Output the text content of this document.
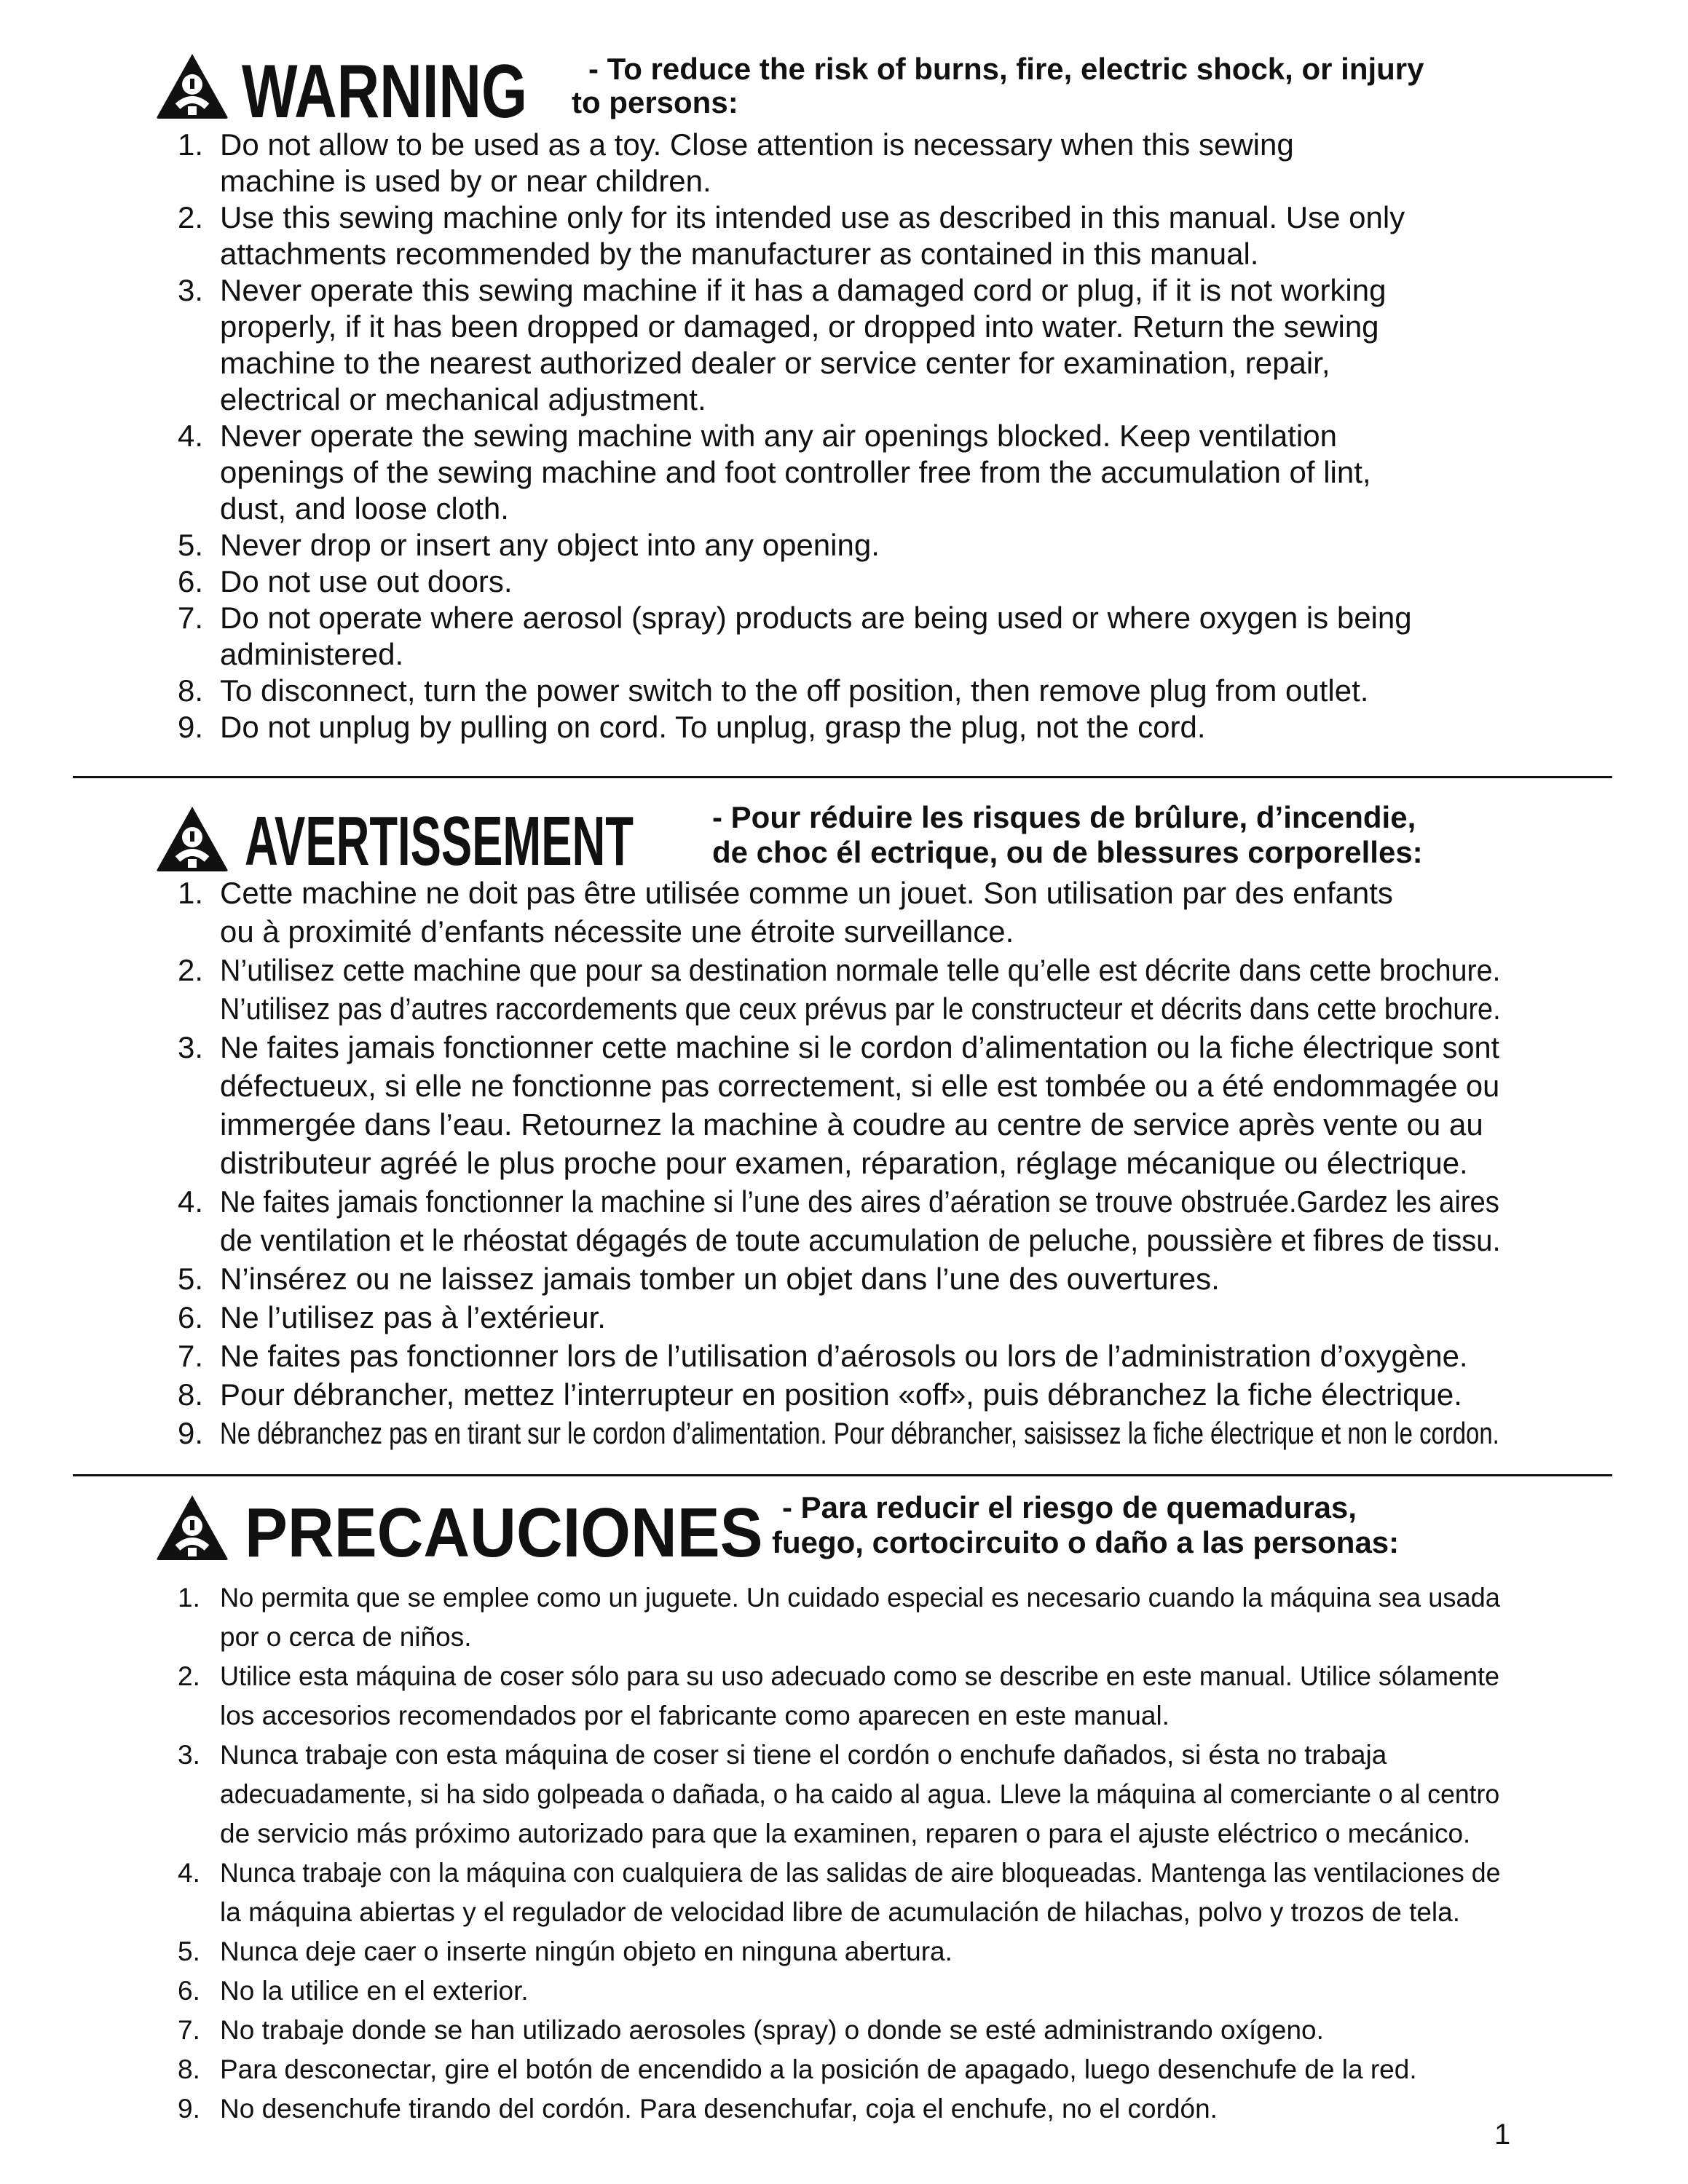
WARNING - To reduce the risk of burns, fire, electric shock, or injury
to persons:
1. Do not allow to be used as a toy. Close attention is necessary when this sewing
machine is used by or near children.
2. Use this sewing machine only for its intended use as described in this manual. Use only
attachments recommended by the manufacturer as contained in this manual.
3. Never operate this sewing machine if it has a damaged cord or plug, if it is not working
properly, if it has been dropped or damaged, or dropped into water. Return the sewing
machine to the nearest authorized dealer or service center for examination, repair,
electrical or mechanical adjustment.
4. Never operate the sewing machine with any air openings blocked. Keep ventilation
openings of the sewing machine and foot controller free from the accumulation of lint,
dust, and loose cloth.
5. Never drop or insert any object into any opening.
6. Do not use out doors.
7. Do not operate where aerosol (spray) products are being used or where oxygen is being
administered.
8. To disconnect, turn the power switch to the off position, then remove plug from outlet.
9. Do not unplug by pulling on cord. To unplug, grasp the plug, not the cord.
AVERTISSEMENT	- Pour réduire les risques de brûlure, d’incendie,
de choc él ectrique, ou de blessures corporelles:
1. Cette machine ne doit pas être utilisée comme un jouet. Son utilisation par des enfants
ou à proximité d’enfants nécessite une étroite surveillance.
2. N’utilisez cette machine que pour sa destination normale telle qu’elle est décrite dans cette brochure.
N’utilisez pas d’autres raccordements que ceux prévus par le constructeur et décrits dans cette brochure.
3. Ne faites jamais fonctionner cette machine si le cordon d’alimentation ou la fiche électrique sont
défectueux, si elle ne fonctionne pas correctement, si elle est tombée ou a été endommagée ou
immergée dans l’eau. Retournez la machine à coudre au centre de service après vente ou au
distributeur agréé le plus proche pour examen, réparation, réglage mécanique ou électrique.
4. Ne faites jamais fonctionner la machine si l’une des aires d’aération se trouve obstruée.Gardez les aires
de ventilation et le rhéostat dégagés de toute accumulation de peluche, poussière et fibres de tissu.
5. N’insérez ou ne laissez jamais tomber un objet dans l’une des ouvertures.
6. Ne l’utilisez pas à l’extérieur.
7. Ne faites pas fonctionner lors de l’utilisation d’aérosols ou lors de l’administration d’oxygène.
8. Pour débrancher, mettez l’interrupteur en position «off», puis débranchez la fiche électrique.
9. Ne débranchez pas en tirant sur le cordon d’alimentation. Pour débrancher, saisissez la fiche électrique et non le cordon.
PRECAUCIONES - Para reducir el riesgo de quemaduras,
fuego, cortocircuito o daño a las personas:
1. No permita que se emplee como un juguete. Un cuidado especial es necesario cuando la máquina sea usada
por o cerca de niños.
2. Utilice esta máquina de coser sólo para su uso adecuado como se describe en este manual. Utilice sólamente
los accesorios recomendados por el fabricante como aparecen en este manual.
3. Nunca trabaje con esta máquina de coser si tiene el cordón o enchufe dañados, si ésta no trabaja
adecuadamente, si ha sido golpeada o dañada, o ha caido al agua. Lleve la máquina al comerciante o al centro
de servicio más próximo autorizado para que la examinen, reparen o para el ajuste eléctrico o mecánico.
4. Nunca trabaje con la máquina con cualquiera de las salidas de aire bloqueadas. Mantenga las ventilaciones de
la máquina abiertas y el regulador de velocidad libre de acumulación de hilachas, polvo y trozos de tela.
5. Nunca deje caer o inserte ningún objeto en ninguna abertura.
6. No la utilice en el exterior.
7. No trabaje donde se han utilizado aerosoles (spray) o donde se esté administrando oxígeno.
8. Para desconectar, gire el botón de encendido a la posición de apagado, luego desenchufe de la red.
9. No desenchufe tirando del cordón. Para desenchufar, coja el enchufe, no el cordón.
1
